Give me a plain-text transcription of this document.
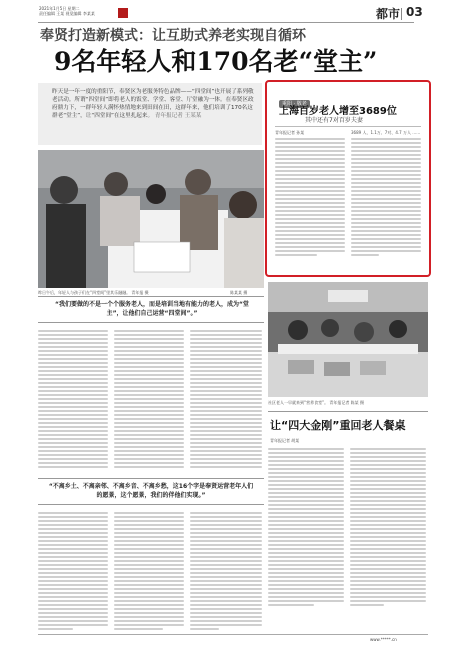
2021年1月5日 星期二
责任编辑 王某 视觉编辑 李某某	都市 03
奉贤打造新模式：让互助式养老实现自循环
9名年轻人和170名老“堂主”
昨天是一年一度的重阳节，奉贤区为老服务特色品牌——“四堂间”也开展了系列敬老活动。所谓“四堂间”即将老人的饭堂、学堂、客堂、厅堂融为一体。在奉贤区政府鼎力下，一群年轻人满怀热情地来到田间在田，这群年来，他们培训了170名这群老“堂主”，让“四堂间”在这里扎起来。 青年报记者 王某某
昨日午后，年轻人与孩子们在“四堂间”里其乐融融。 青年报 摄	陈某某 摄
重阳 · 敬老
上海百岁老人增至3689位
其中还有7对百岁夫妻
青年报记者 孙某	3689 人、1.1万、7对、4.7 万人 ……
“我们要做的不是一个个服务老人，而是培训当地有能力的老人，成为“堂主”，让他们自己运营“四堂间”。”
“不离乡土、不离亲邻、不离乡音、不离乡愁，这16个字是奉贤运营老年人们的愿景，这个愿景，我们的伴他们实现。”
社区老人一早就来到“营养食堂”。 青年报记者 陈某 摄
让“四大金刚”重回老人餐桌
青年报记者 胡某
www.*****.cn
